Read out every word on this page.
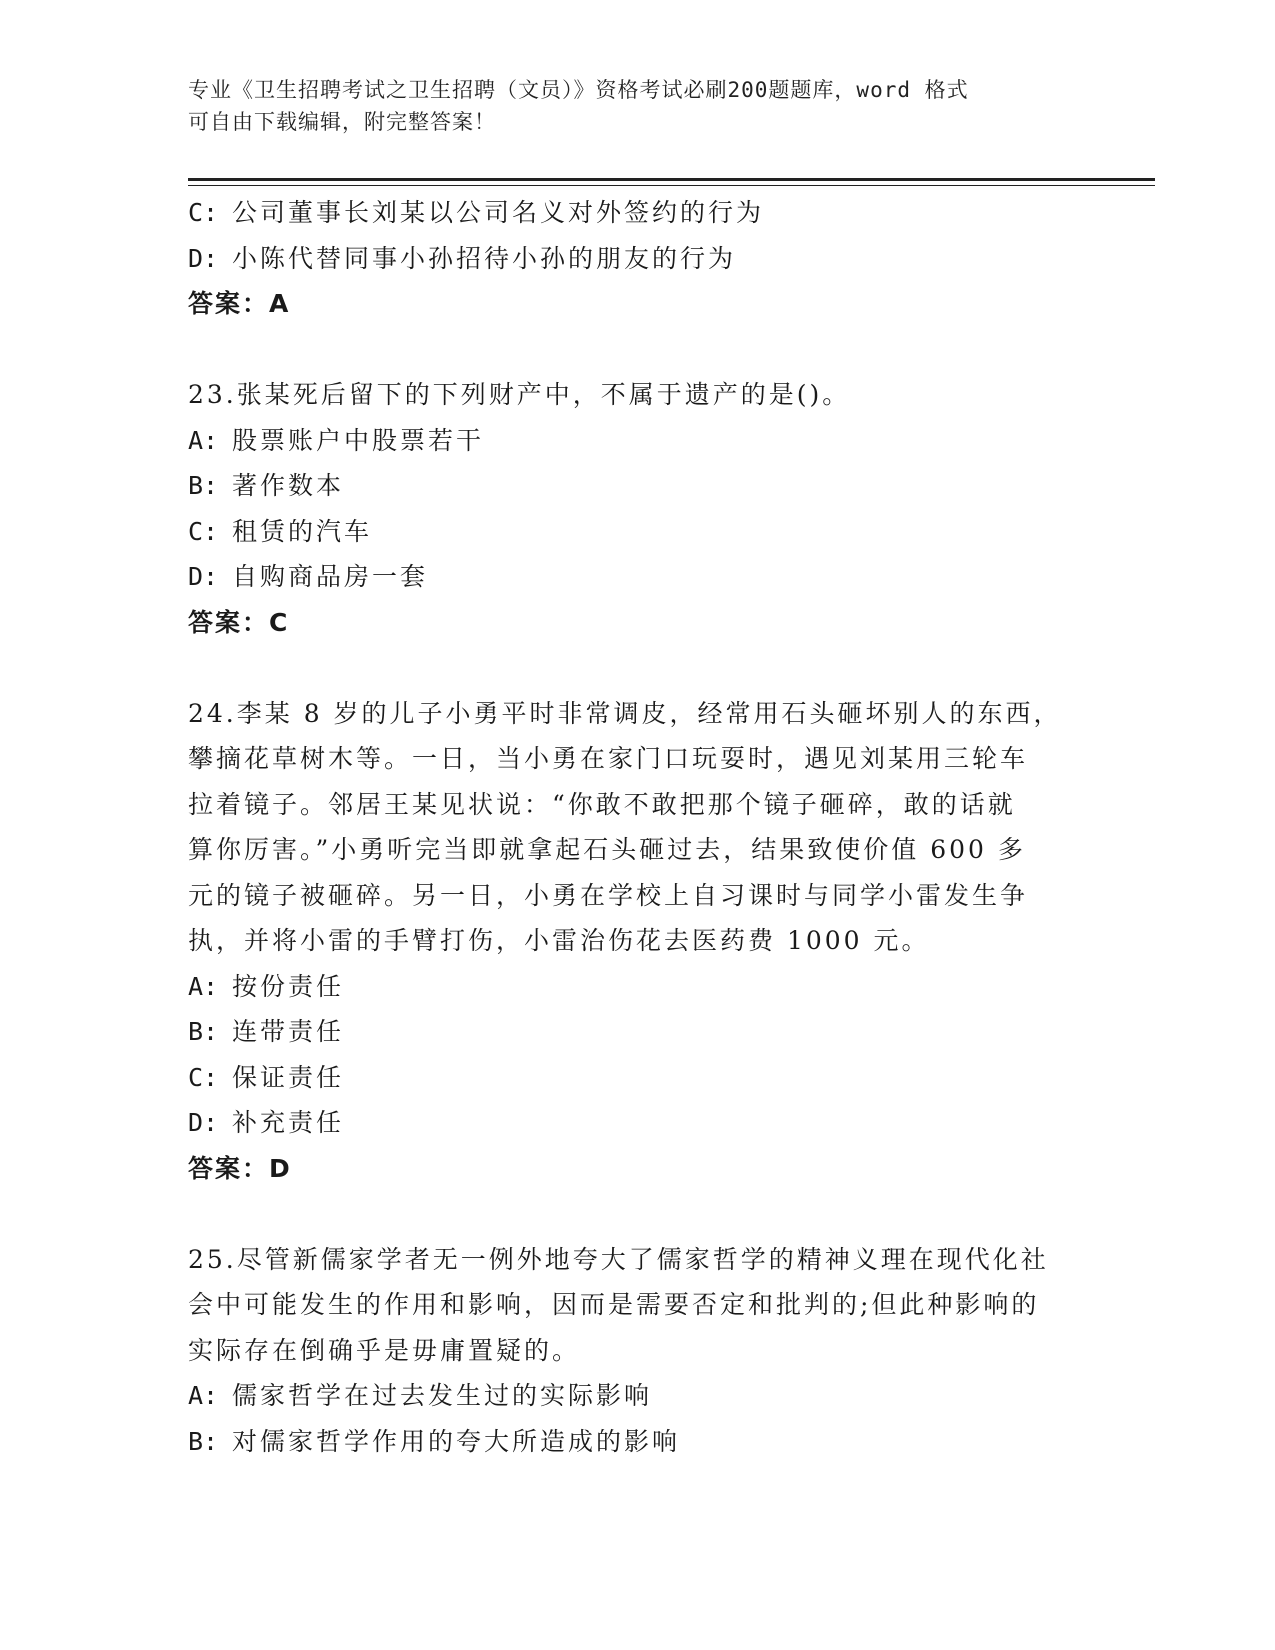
专业《卫生招聘考试之卫生招聘（文员）》资格考试必刷200题题库，word 格式
可自由下载编辑，附完整答案！
C: 公司董事长刘某以公司名义对外签约的行为
D: 小陈代替同事小孙招待小孙的朋友的行为
答案：A
23.张某死后留下的下列财产中，不属于遗产的是()。
A: 股票账户中股票若干
B: 著作数本
C: 租赁的汽车
D: 自购商品房一套
答案：C
24.李某 8 岁的儿子小勇平时非常调皮，经常用石头砸坏别人的东西，
攀摘花草树木等。一日，当小勇在家门口玩耍时，遇见刘某用三轮车
拉着镜子。邻居王某见状说：“你敢不敢把那个镜子砸碎，敢的话就
算你厉害。”小勇听完当即就拿起石头砸过去，结果致使价值 600 多
元的镜子被砸碎。另一日，小勇在学校上自习课时与同学小雷发生争
执，并将小雷的手臂打伤，小雷治伤花去医药费 1000 元。
A: 按份责任
B: 连带责任
C: 保证责任
D: 补充责任
答案：D
25.尽管新儒家学者无一例外地夸大了儒家哲学的精神义理在现代化社
会中可能发生的作用和影响，因而是需要否定和批判的;但此种影响的
实际存在倒确乎是毋庸置疑的。
A: 儒家哲学在过去发生过的实际影响
B: 对儒家哲学作用的夸大所造成的影响
